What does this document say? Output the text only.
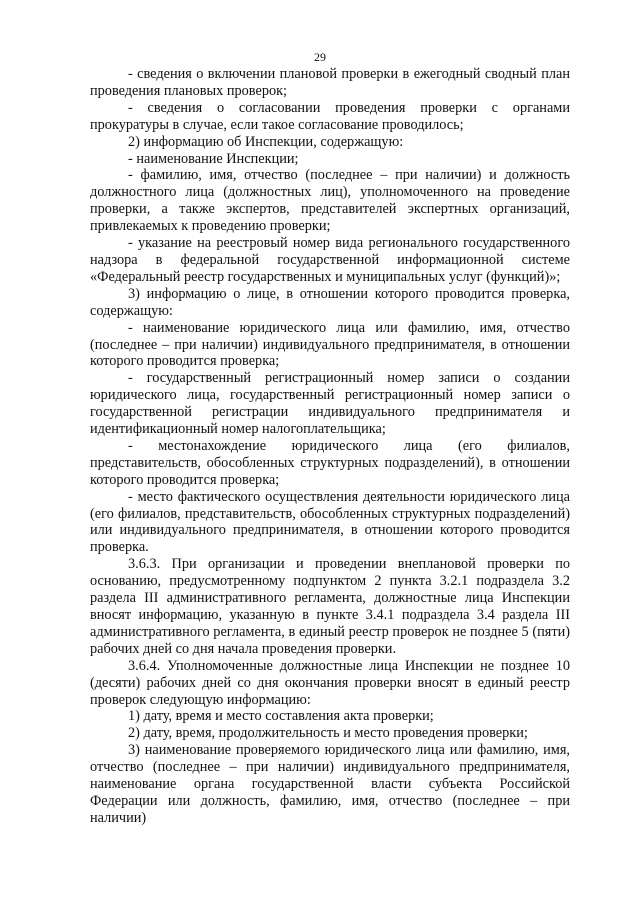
29

- сведения о включении плановой проверки в ежегодный сводный план проведения плановых проверок;

- сведения о согласовании проведения проверки с органами прокуратуры в случае, если такое согласование проводилось;

2) информацию об Инспекции, содержащую:

- наименование Инспекции;

- фамилию, имя, отчество (последнее – при наличии) и должность должностного лица (должностных лиц), уполномоченного на проведение проверки, а также экспертов, представителей экспертных организаций, привлекаемых к проведению проверки;

- указание на реестровый номер вида регионального государственного надзора в федеральной государственной информационной системе «Федеральный реестр государственных и муниципальных услуг (функций)»;

3) информацию о лице, в отношении которого проводится проверка, содержащую:

- наименование юридического лица или фамилию, имя, отчество (последнее – при наличии) индивидуального предпринимателя, в отношении которого проводится проверка;

- государственный регистрационный номер записи о создании юридического лица, государственный регистрационный номер записи о государственной регистрации индивидуального предпринимателя и идентификационный номер налогоплательщика;

- местонахождение юридического лица (его филиалов, представительств, обособленных структурных подразделений), в отношении которого проводится проверка;

- место фактического осуществления деятельности юридического лица (его филиалов, представительств, обособленных структурных подразделений) или индивидуального предпринимателя, в отношении которого проводится проверка.

3.6.3. При организации и проведении внеплановой проверки по основанию, предусмотренному подпунктом 2 пункта 3.2.1 подраздела 3.2 раздела III административного регламента, должностные лица Инспекции вносят информацию, указанную в пункте 3.4.1 подраздела 3.4 раздела III административного регламента, в единый реестр проверок не позднее 5 (пяти) рабочих дней со дня начала проведения проверки.

3.6.4. Уполномоченные должностные лица Инспекции не позднее 10 (десяти) рабочих дней со дня окончания проверки вносят в единый реестр проверок следующую информацию:

1) дату, время и место составления акта проверки;

2) дату, время, продолжительность и место проведения проверки;

3) наименование проверяемого юридического лица или фамилию, имя, отчество (последнее – при наличии) индивидуального предпринимателя, наименование органа государственной власти субъекта Российской Федерации или должность, фамилию, имя, отчество (последнее – при наличии)
